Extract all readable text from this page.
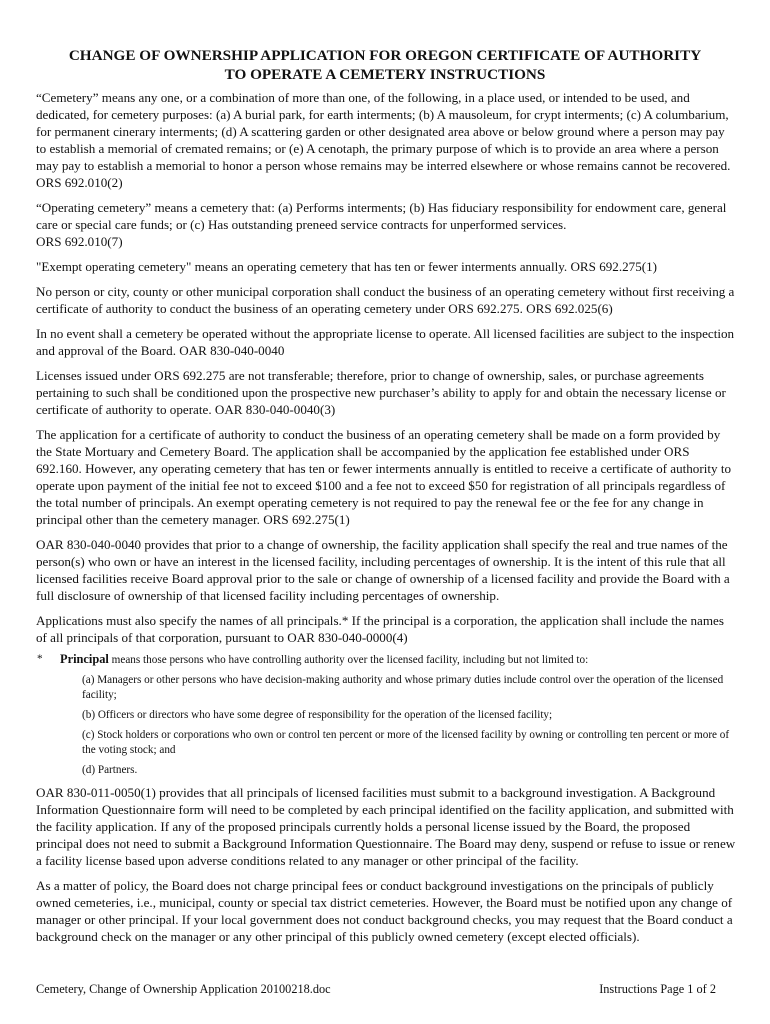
CHANGE OF OWNERSHIP APPLICATION FOR OREGON CERTIFICATE OF AUTHORITY
TO OPERATE A CEMETERY INSTRUCTIONS

“Cemetery” means any one, or a combination of more than one, of the following, in a place used, or intended to be used, and dedicated, for cemetery purposes: (a) A burial park, for earth interments; (b) A mausoleum, for crypt interments; (c) A columbarium, for permanent cinerary interments; (d) A scattering garden or other designated area above or below ground where a person may pay to establish a memorial of cremated remains; or (e) A cenotaph, the primary purpose of which is to provide an area where a person may pay to establish a memorial to honor a person whose remains may be interred elsewhere or whose remains cannot be recovered. ORS 692.010(2)

“Operating cemetery” means a cemetery that: (a) Performs interments; (b) Has fiduciary responsibility for endowment care, general care or special care funds; or (c) Has outstanding preneed service contracts for unperformed services.
ORS 692.010(7)

"Exempt operating cemetery" means an operating cemetery that has ten or fewer interments annually. ORS 692.275(1)

No person or city, county or other municipal corporation shall conduct the business of an operating cemetery without first receiving a certificate of authority to conduct the business of an operating cemetery under ORS 692.275. ORS 692.025(6)

In no event shall a cemetery be operated without the appropriate license to operate. All licensed facilities are subject to the inspection and approval of the Board. OAR 830-040-0040

Licenses issued under ORS 692.275 are not transferable; therefore, prior to change of ownership, sales, or purchase agreements pertaining to such shall be conditioned upon the prospective new purchaser’s ability to apply for and obtain the necessary license or certificate of authority to operate. OAR 830-040-0040(3)

The application for a certificate of authority to conduct the business of an operating cemetery shall be made on a form provided by the State Mortuary and Cemetery Board. The application shall be accompanied by the application fee established under ORS 692.160. However, any operating cemetery that has ten or fewer interments annually is entitled to receive a certificate of authority to operate upon payment of the initial fee not to exceed $100 and a fee not to exceed $50 for registration of all principals regardless of the total number of principals. An exempt operating cemetery is not required to pay the renewal fee or the fee for any change in principal other than the cemetery manager. ORS 692.275(1)

OAR 830-040-0040 provides that prior to a change of ownership, the facility application shall specify the real and true names of the person(s) who own or have an interest in the licensed facility, including percentages of ownership. It is the intent of this rule that all licensed facilities receive Board approval prior to the sale or change of ownership of a licensed facility and provide the Board with a full disclosure of ownership of that licensed facility including percentages of ownership.

Applications must also specify the names of all principals.* If the principal is a corporation, the application shall include the names of all principals of that corporation, pursuant to OAR 830-040-0000(4)

*	Principal means those persons who have controlling authority over the licensed facility, including but not limited to:
(a) Managers or other persons who have decision-making authority and whose primary duties include control over the operation of the licensed facility;
(b) Officers or directors who have some degree of responsibility for the operation of the licensed facility;
(c) Stock holders or corporations who own or control ten percent or more of the licensed facility by owning or controlling ten percent or more of the voting stock; and
(d) Partners.

OAR 830-011-0050(1) provides that all principals of licensed facilities must submit to a background investigation. A Background Information Questionnaire form will need to be completed by each principal identified on the facility application, and submitted with the facility application. If any of the proposed principals currently holds a personal license issued by the Board, the proposed principal does not need to submit a Background Information Questionnaire. The Board may deny, suspend or refuse to issue or renew a facility license based upon adverse conditions related to any manager or other principal of the facility.

As a matter of policy, the Board does not charge principal fees or conduct background investigations on the principals of publicly owned cemeteries, i.e., municipal, county or special tax district cemeteries. However, the Board must be notified upon any change of manager or other principal. If your local government does not conduct background checks, you may request that the Board conduct a background check on the manager or any other principal of this publicly owned cemetery (except elected officials).

Cemetery, Change of Ownership Application 20100218.doc	Instructions Page 1 of 2
